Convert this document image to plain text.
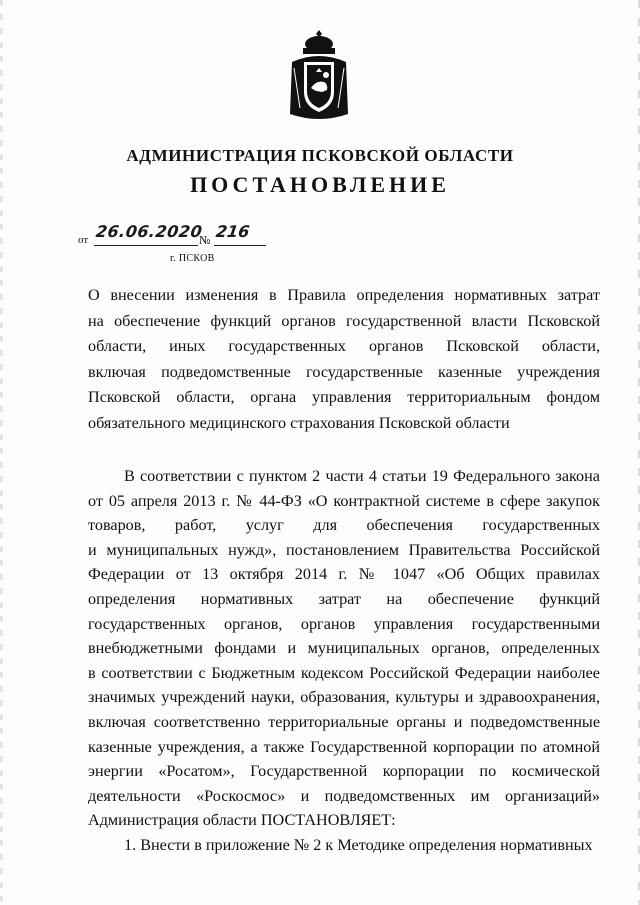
АДМИНИСТРАЦИЯ ПСКОВСКОЙ ОБЛАСТИ
ПОСТАНОВЛЕНИЕ
от 26.06.2020
№ 216
г. ПСКОВ
О внесении изменения в Правила определения нормативных затрат
на обеспечение функций органов государственной власти Псковской
области, иных государственных органов Псковской области,
включая подведомственные государственные казенные учреждения
Псковской области, органа управления территориальным фондом
обязательного медицинского страхования Псковской области
В соответствии с пунктом 2 части 4 статьи 19 Федерального закона
от 05 апреля 2013 г. № 44-ФЗ «О контрактной системе в сфере закупок
товаров, работ, услуг для обеспечения государственных
и муниципальных нужд», постановлением Правительства Российской
Федерации от 13 октября 2014 г. № 1047 «Об Общих правилах
определения нормативных затрат на обеспечение функций
государственных органов, органов управления государственными
внебюджетными фондами и муниципальных органов, определенных
в соответствии с Бюджетным кодексом Российской Федерации наиболее
значимых учреждений науки, образования, культуры и здравоохранения,
включая соответственно территориальные органы и подведомственные
казенные учреждения, а также Государственной корпорации по атомной
энергии «Росатом», Государственной корпорации по космической
деятельности «Роскосмос» и подведомственных им организаций»
Администрация области ПОСТАНОВЛЯЕТ:
1. Внести в приложение № 2 к Методике определения нормативных
